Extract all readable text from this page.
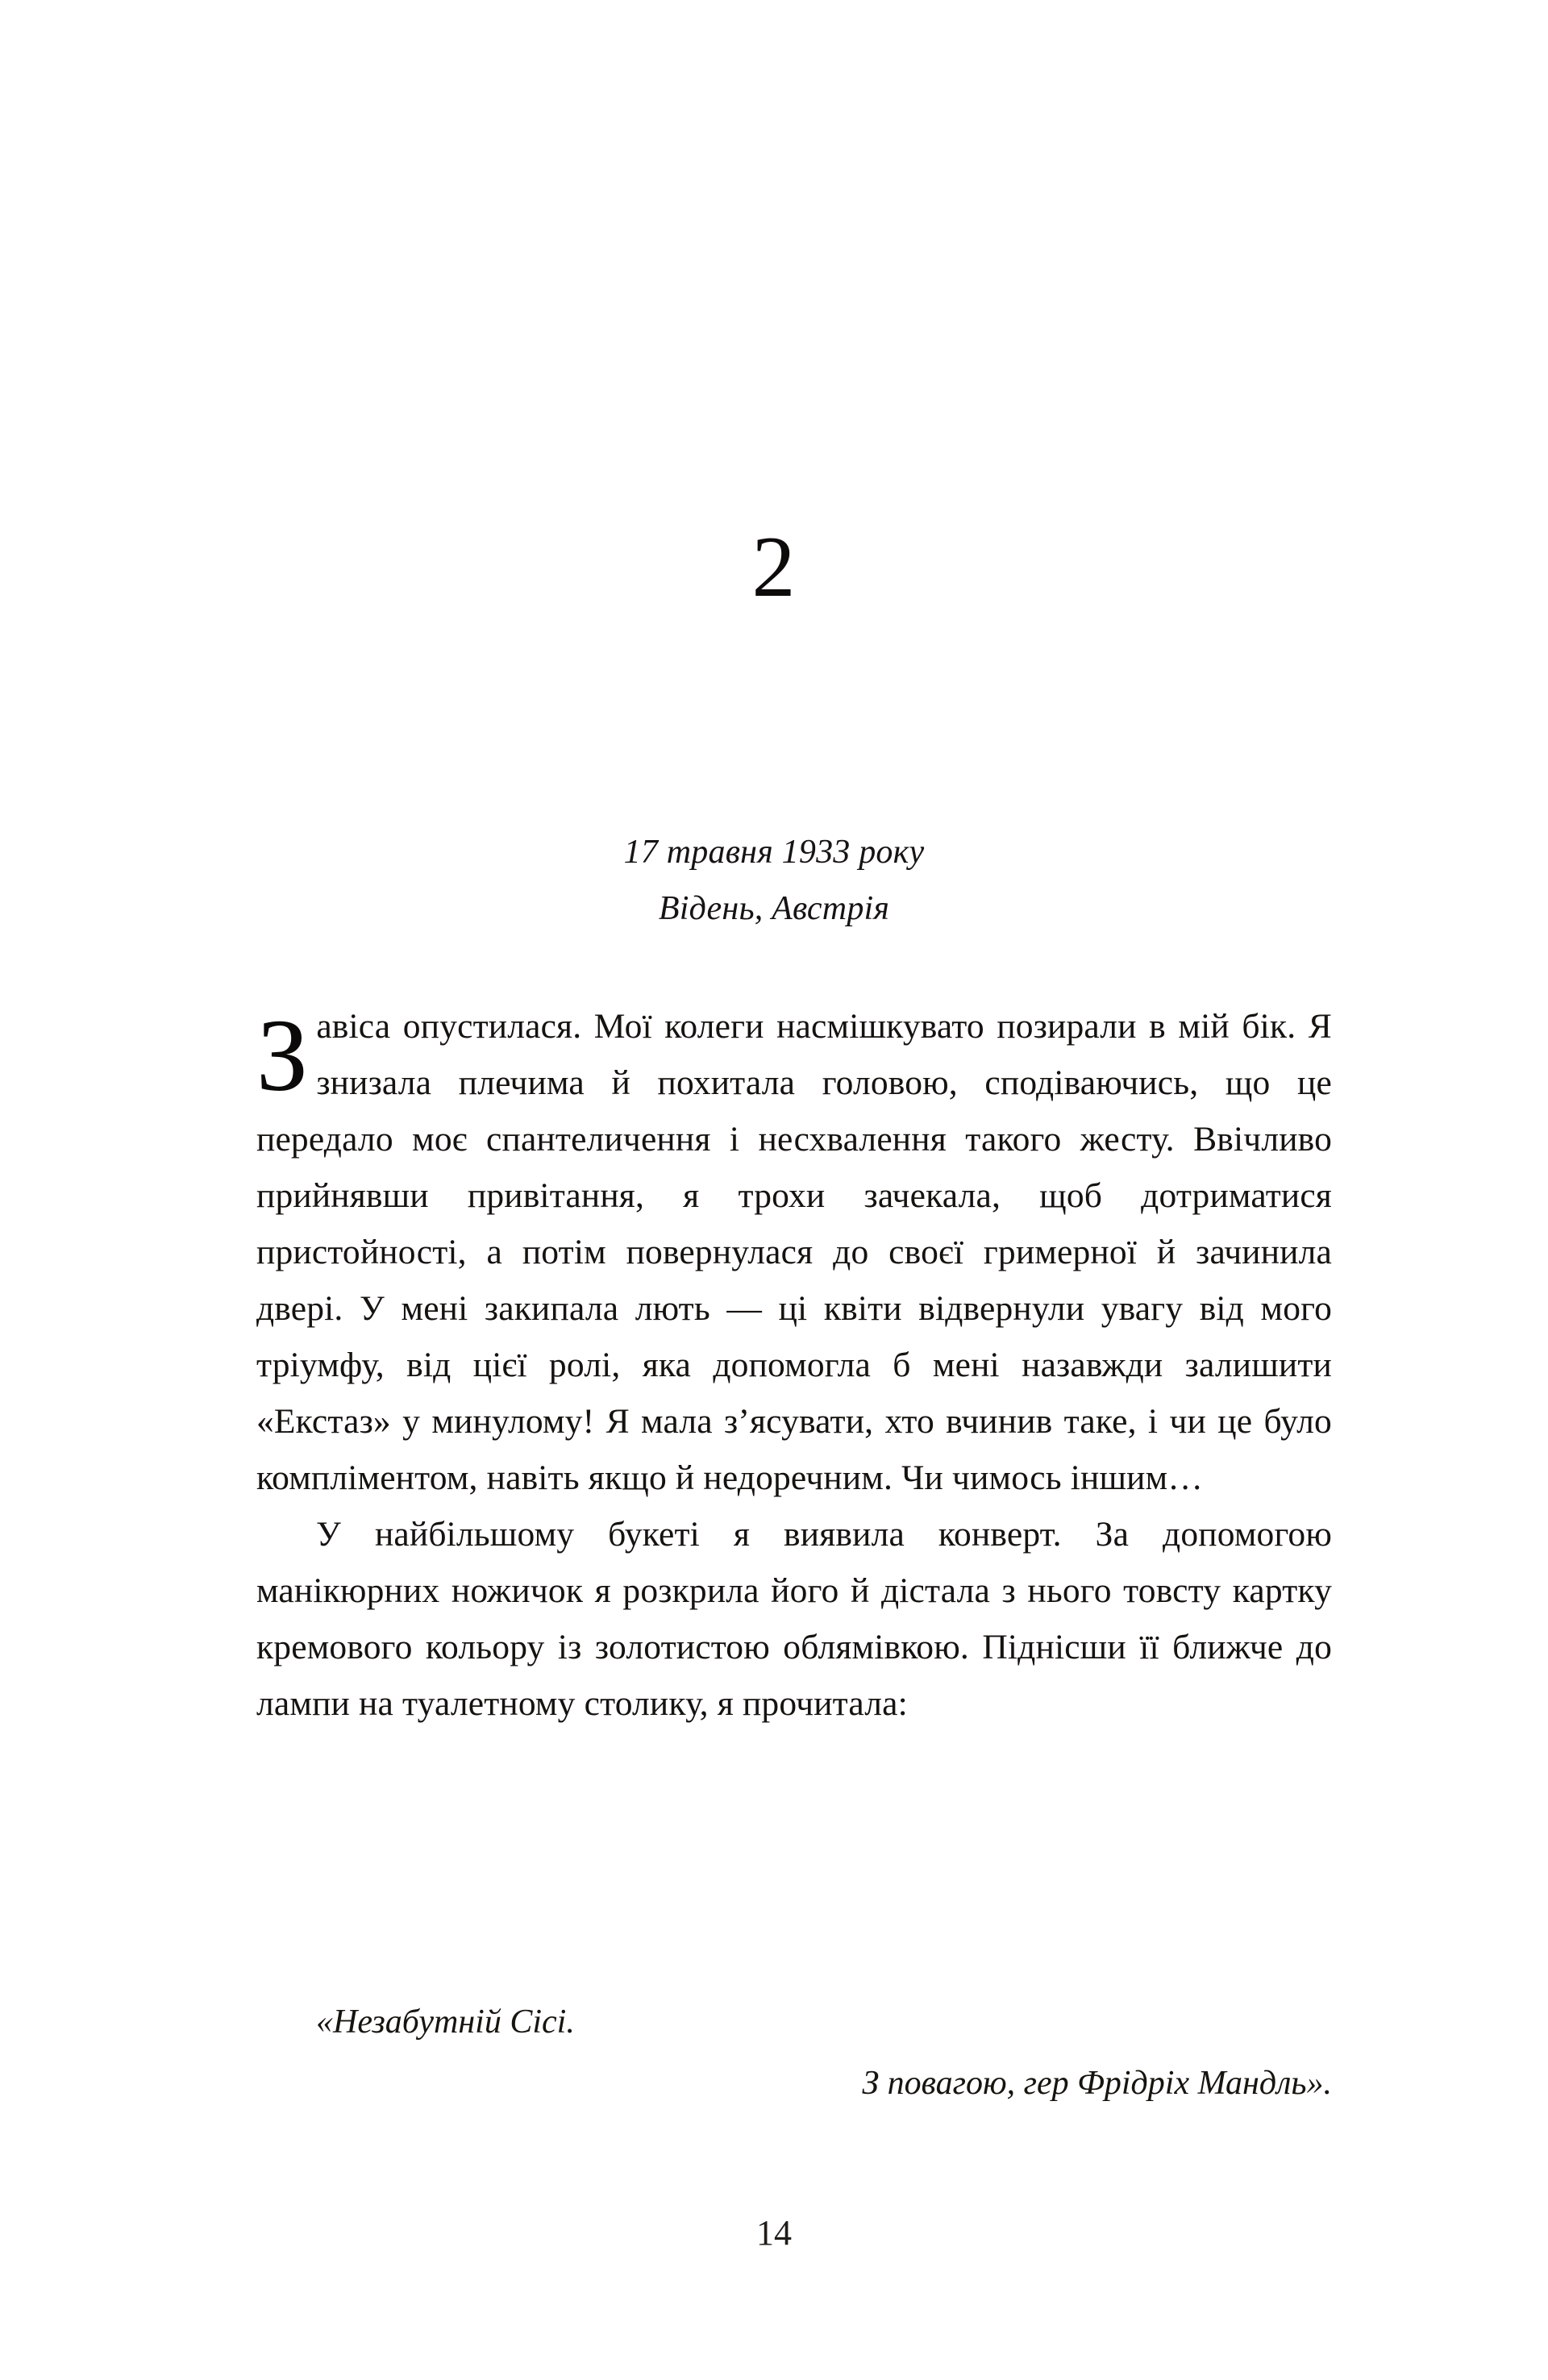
2
17 травня 1933 року
Відень, Австрія

Завіса опустилася. Мої колеги насмішкувато позирали в мій бік. Я знизала плечима й похитала головою, сподіваючись, що це передало моє спантеличення і несхвалення такого жесту. Ввічливо прийнявши привітання, я трохи зачекала, щоб дотриматися пристойності, а потім повернулася до своєї гримерної й зачинила двері. У мені закипала лють — ці квіти відвернули увагу від мого тріумфу, від цієї ролі, яка допомогла б мені назавжди залишити «Екстаз» у минулому! Я мала з’ясувати, хто вчинив таке, і чи це було компліментом, навіть якщо й недоречним. Чи чимось іншим…

У найбільшому букеті я виявила конверт. За допомогою манікюрних ножичок я розкрила його й дістала з нього товсту картку кремового кольору із золотистою облямівкою. Піднісши її ближче до лампи на туалетному столику, я прочитала:

«Незабутній Сісі.
З повагою, гер Фрідріх Мандль».
14
